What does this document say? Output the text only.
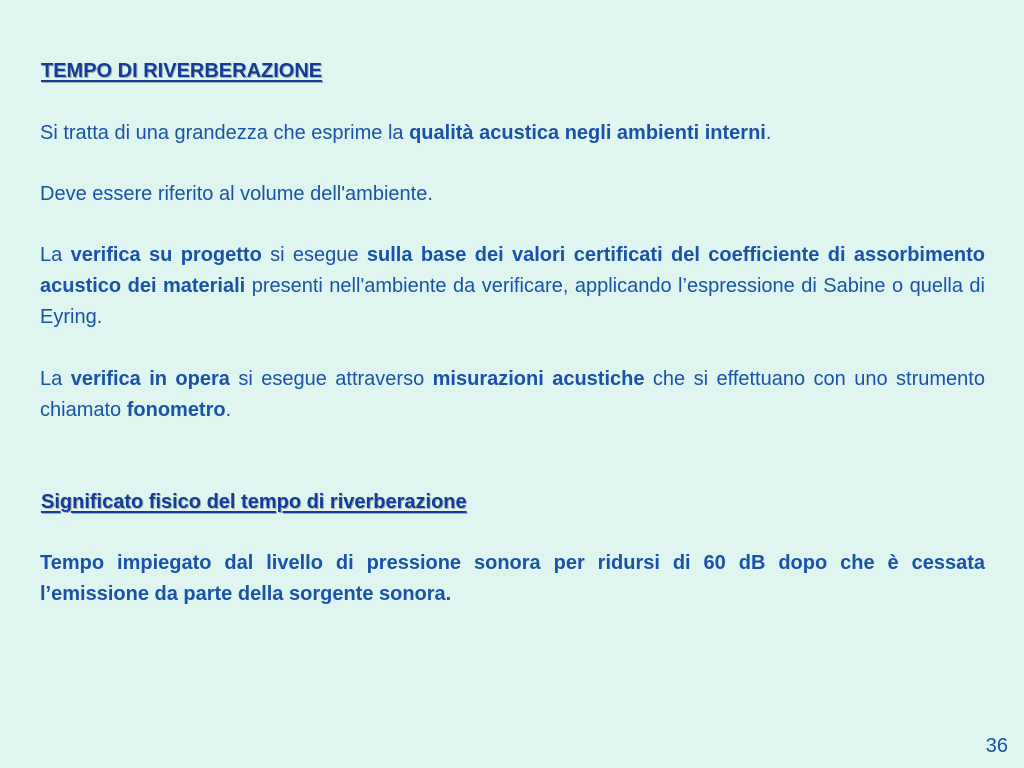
TEMPO DI RIVERBERAZIONE

Si tratta di una grandezza che esprime la qualità acustica negli ambienti interni.

Deve essere riferito al volume dell'ambiente.

La verifica su progetto si esegue sulla base dei valori certificati del coefficiente di assorbimento acustico dei materiali presenti nell'ambiente da verificare, applicando l’espressione di Sabine o quella di Eyring.

La verifica in opera si esegue attraverso misurazioni acustiche che si effettuano con uno strumento chiamato fonometro.

Significato fisico del tempo di riverberazione

Tempo impiegato dal livello di pressione sonora per ridursi di 60 dB dopo che è cessata l’emissione da parte della sorgente sonora.

36
